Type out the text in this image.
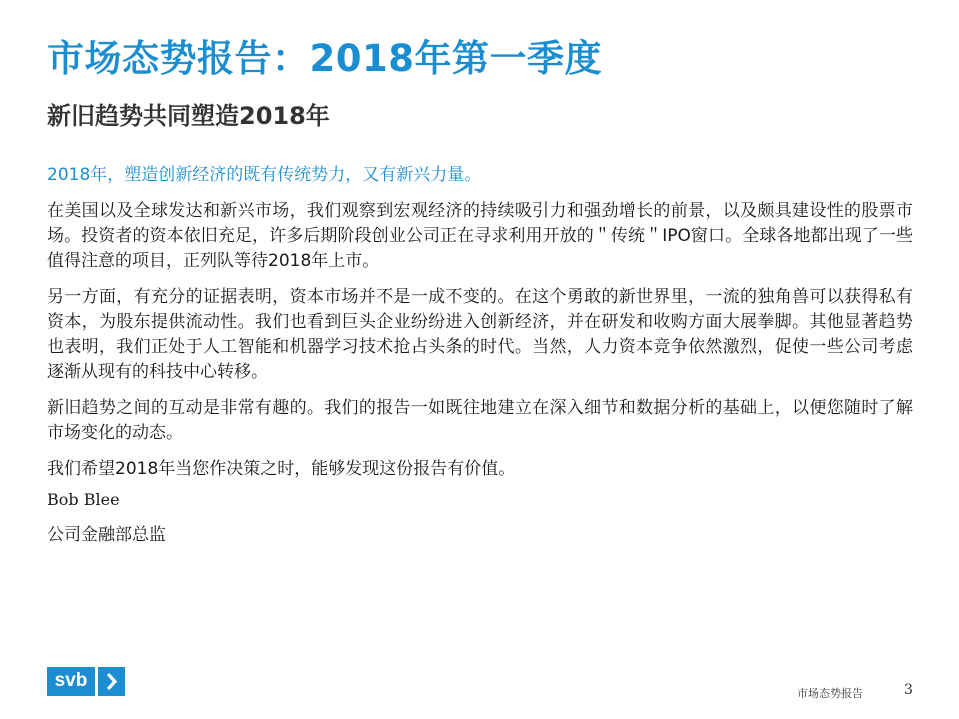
市场态势报告：2018年第一季度
新旧趋势共同塑造2018年
2018年，塑造创新经济的既有传统势力，又有新兴力量。

在美国以及全球发达和新兴市场，我们观察到宏观经济的持续吸引力和强劲增长的前景，以及颇具建设性的股票市场。投资者的资本依旧充足，许多后期阶段创业公司正在寻求利用开放的＂传统＂IPO窗口。全球各地都出现了一些值得注意的项目，正列队等待2018年上市。

另一方面，有充分的证据表明，资本市场并不是一成不变的。在这个勇敢的新世界里，一流的独角兽可以获得私有资本，为股东提供流动性。我们也看到巨头企业纷纷进入创新经济，并在研发和收购方面大展拳脚。其他显著趋势也表明，我们正处于人工智能和机器学习技术抢占头条的时代。当然，人力资本竞争依然激烈，促使一些公司考虑逐渐从现有的科技中心转移。

新旧趋势之间的互动是非常有趣的。我们的报告一如既往地建立在深入细节和数据分析的基础上，以便您随时了解市场变化的动态。

我们希望2018年当您作决策之时，能够发现这份报告有价值。

Bob Blee
公司金融部总监
svb
市场态势报告	3
